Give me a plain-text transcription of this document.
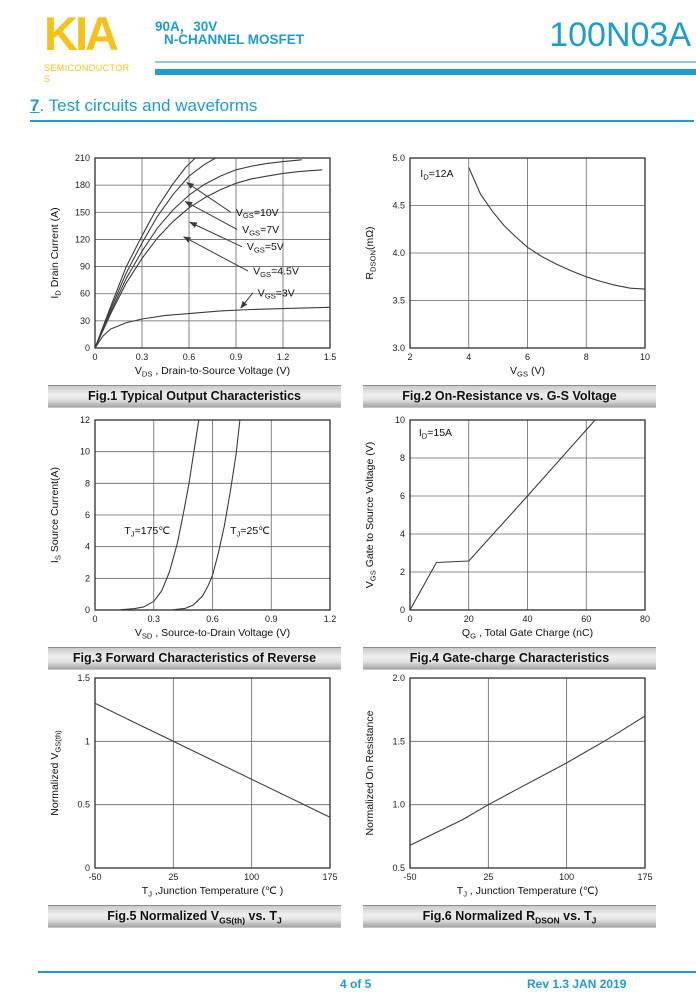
KIA
SEMICONDUCTORS
90A，30V
N-CHANNEL MOSFET	100N03A
7. Test circuits and waveforms
0	0.3	0.6	0.9	1.2	1.5
0
30
60
90
120
150
180
210
$V_{DS}$ , Drain-to-Source Voltage (V)
$I_D$ Drain Current (A)	$V_{GS}=10V$
$V_{GS}=7V$
$V_{GS}=5V$
$V_{GS}=4.5V$
$V_{GS}=3V$
Fig.1 Typical Output Characteristics
2	4	6	8	10
3.0
3.5
4.0
4.5
5.0
$V_{GS}$ (V)
$R_{DSON}(m\Omega)$
$I_D=12A$
Fig.2 On-Resistance vs. G-S Voltage
0	0.3	0.6	0.9	1.2
0
2
4
6
8
10
12
$V_{SD}$ , Source-to-Drain Voltage (V)
$I_S$ Source Current(A)	$T_J=175℃$	$T_J=25℃$
Fig.3 Forward Characteristics of Reverse
0	20	40	60	80
0
2
4
6
8
10
$Q_G$ , Total Gate Charge (nC)
$V_{GS}$ Gate to Source Voltage (V)
$I_D=15A$
Fig.4 Gate-charge Characteristics
-50	25	100	175
0
0.5
1
1.5
$T_J$ ,Junction Temperature (℃ )
Normalized $V_{GS(th)}$
Fig.5 Normalized $V_{GS(th)}$ vs. $T_J$
-50	25	100	175
0.5
1.0
1.5
2.0
$T_J$ , Junction Temperature (℃)
Normalized On Resistance
Fig.6 Normalized $R_{DSON}$ vs. $T_J$
4 of 5	Rev 1.3 JAN 2019
